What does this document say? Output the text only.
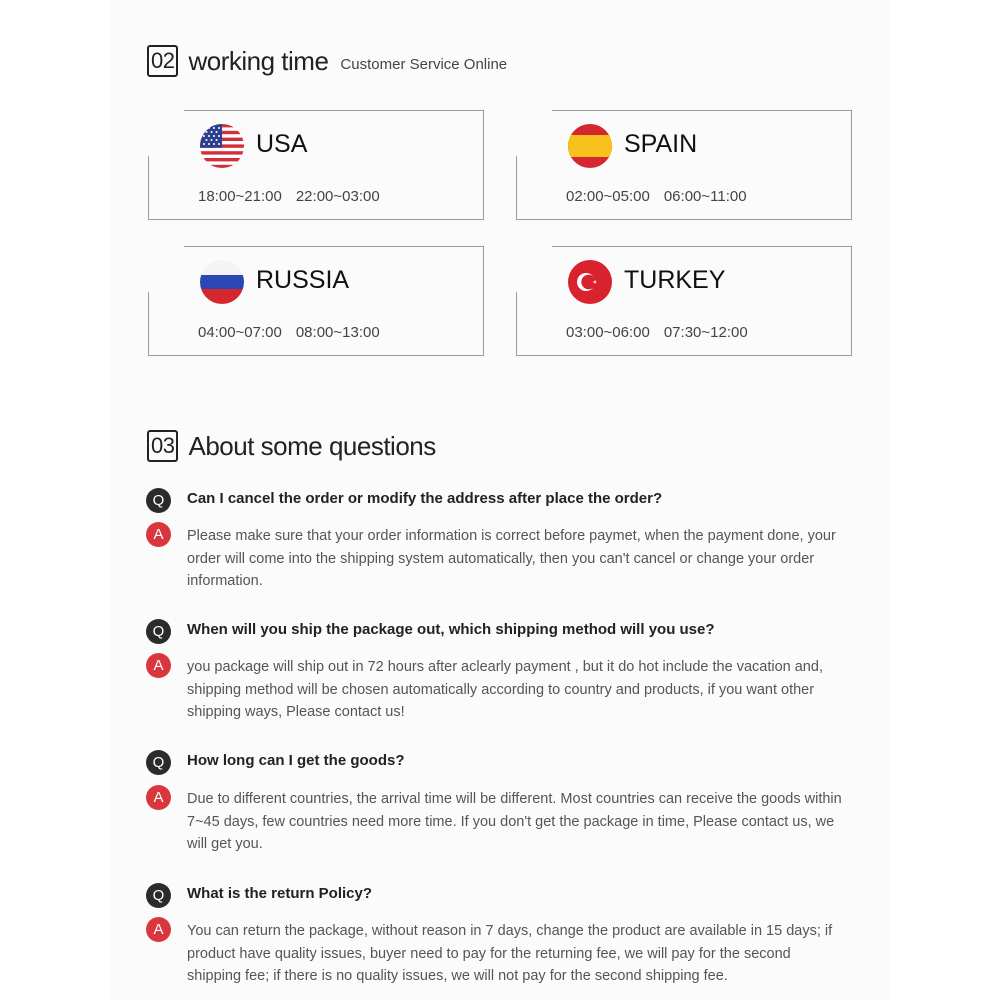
02 working time Customer Service Online
USA
18:00~21:00 22:00~03:00
SPAIN
02:00~05:00 06:00~11:00
RUSSIA
04:00~07:00 08:00~13:00
TURKEY
03:00~06:00 07:30~12:00
03 About some questions
Q	Can I cancel the order or modify the address after place the order?
A	Please make sure that your order information is correct before paymet, when the payment done, your order will come into the shipping system automatically, then you can't cancel or change your order information.
Q	When will you ship the package out, which shipping method will you use?
A	you package will ship out in 72 hours after aclearly payment , but it do hot include the vacation and, shipping method will be chosen automatically according to country and products, if you want other shipping ways, Please contact us!
Q	How long can I get the goods?
A	Due to different countries, the arrival time will be different. Most countries can receive the goods within 7~45 days, few countries need more time. If you don't get the package in time, Please contact us, we will get you.
Q	What is the return Policy?
A	You can return the package, without reason in 7 days, change the product are available in 15 days; if product have quality issues, buyer need to pay for the returning fee, we will pay for the second shipping fee; if there is no quality issues, we will not pay for the second shipping fee.
